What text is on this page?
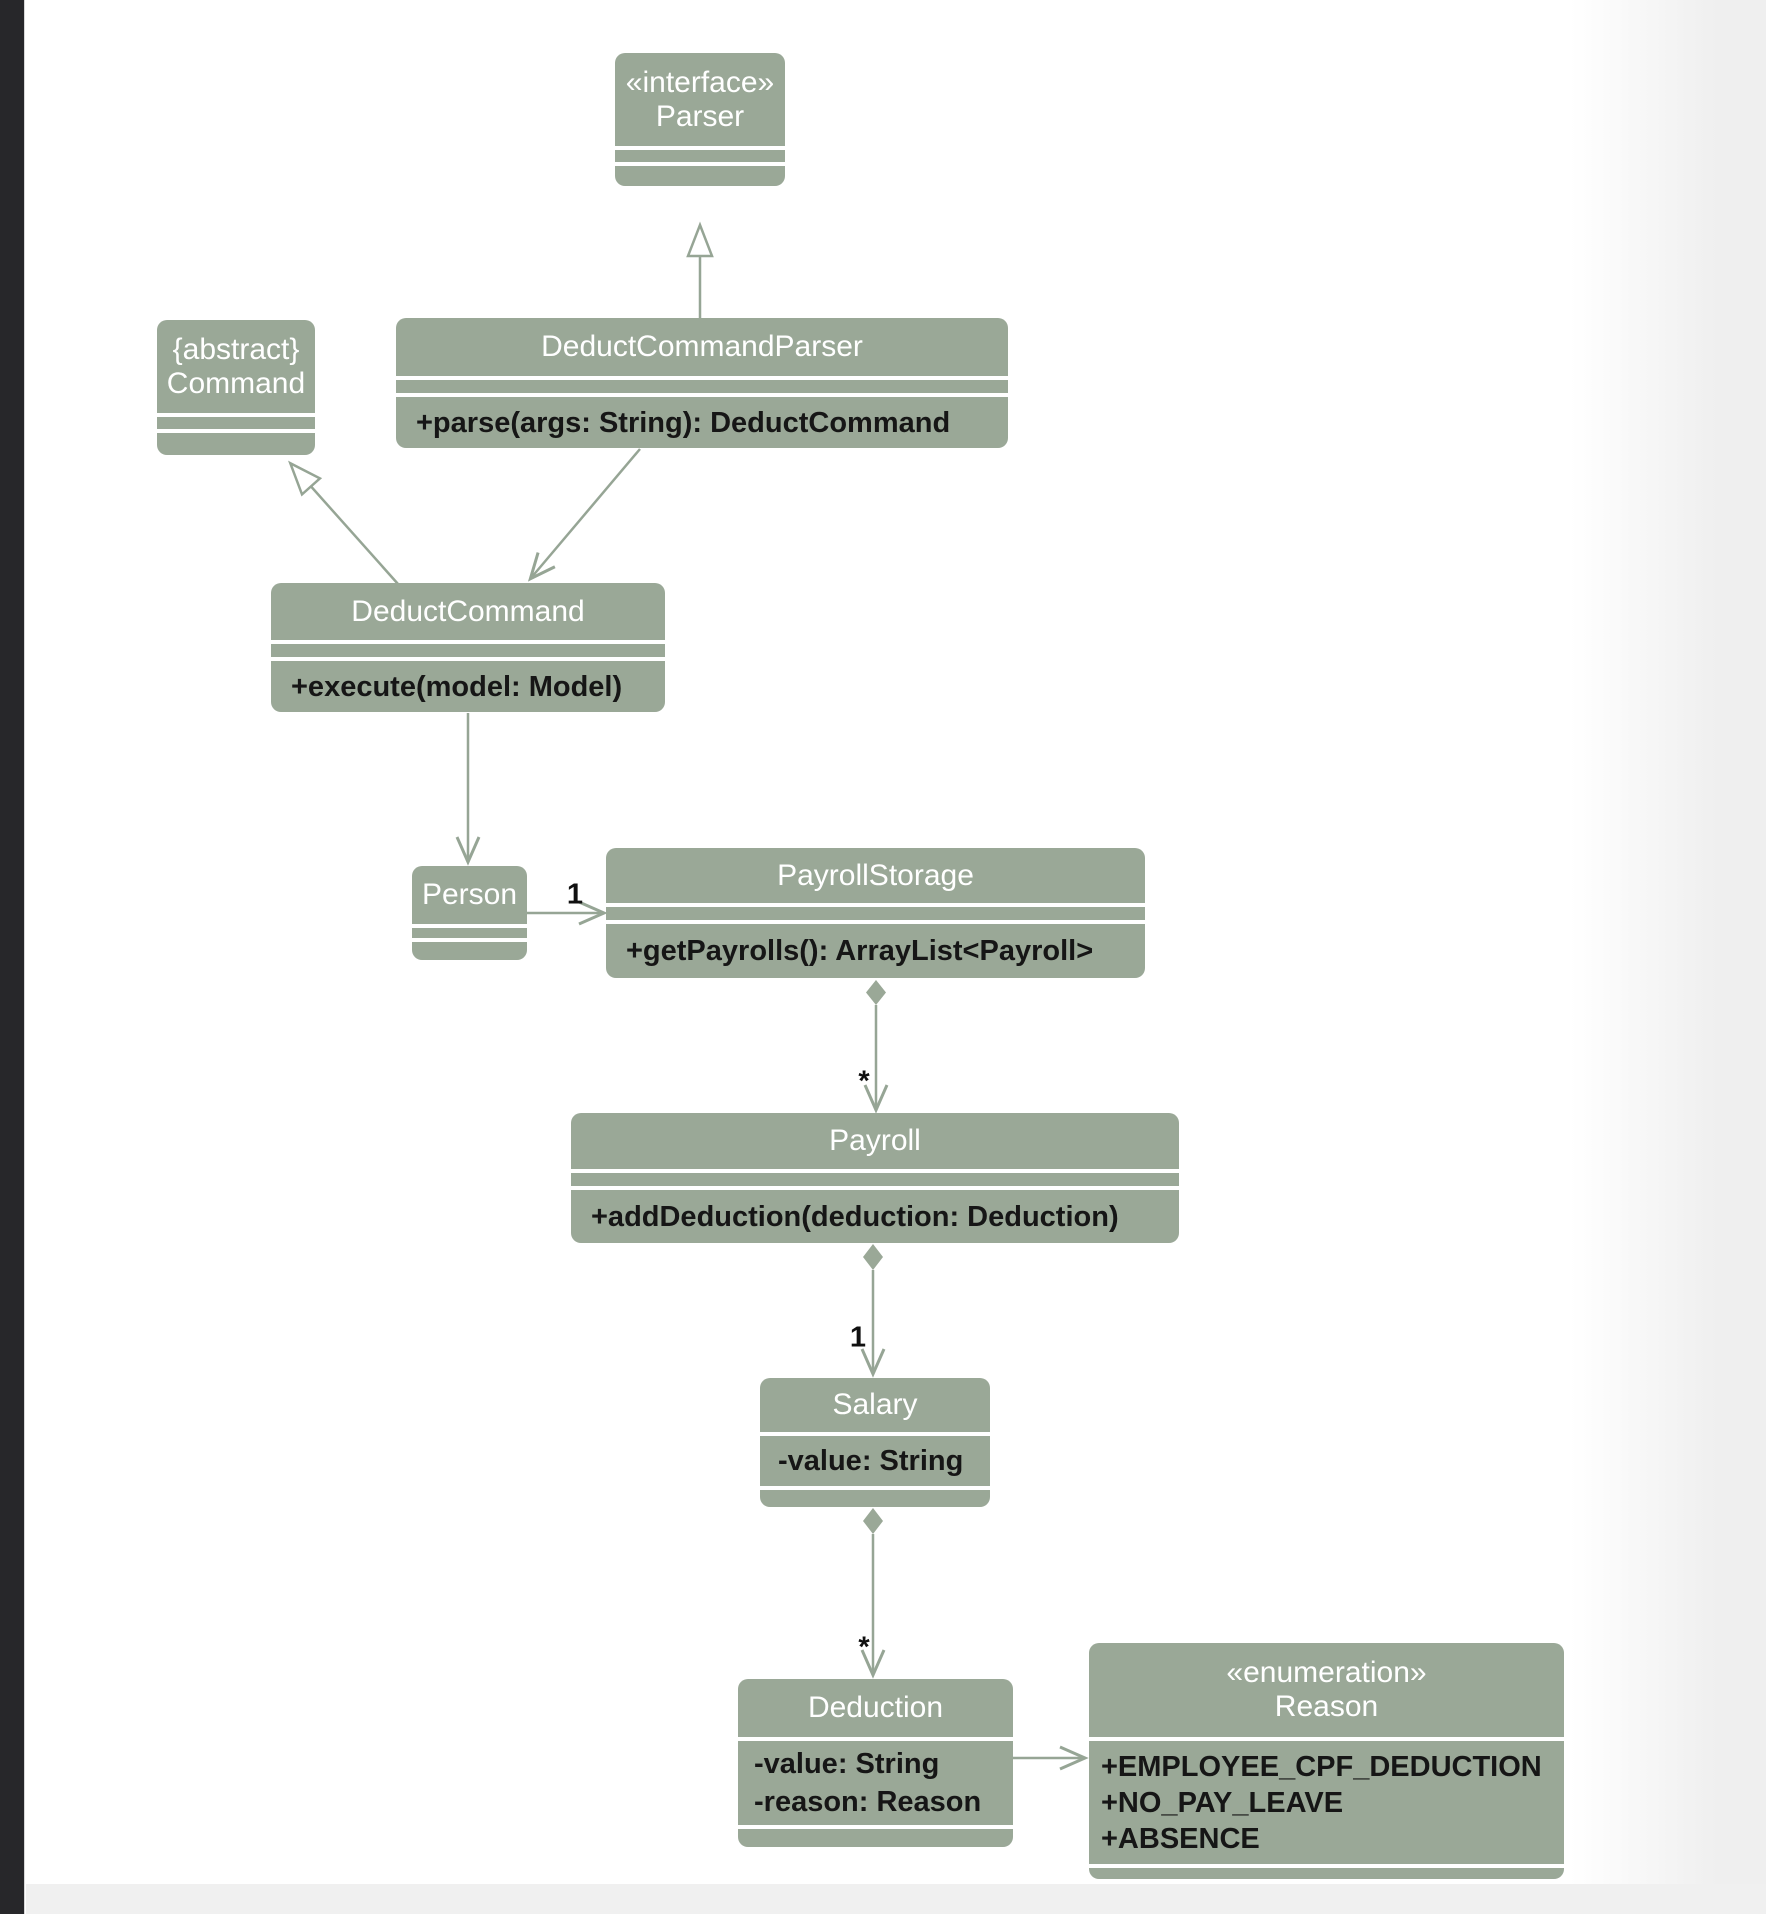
«interface»
Parser
{abstract}
Command
DeductCommandParser
+parse(args: String): DeductCommand
DeductCommand
+execute(model: Model)
Person
PayrollStorage
+getPayrolls(): ArrayList<Payroll>
Payroll
+addDeduction(deduction: Deduction)
Salary
-value: String
Deduction
-value: String
-reason: Reason
«enumeration»
Reason
+EMPLOYEE_CPF_DEDUCTION
+NO_PAY_LEAVE
+ABSENCE
1
*
1
*
